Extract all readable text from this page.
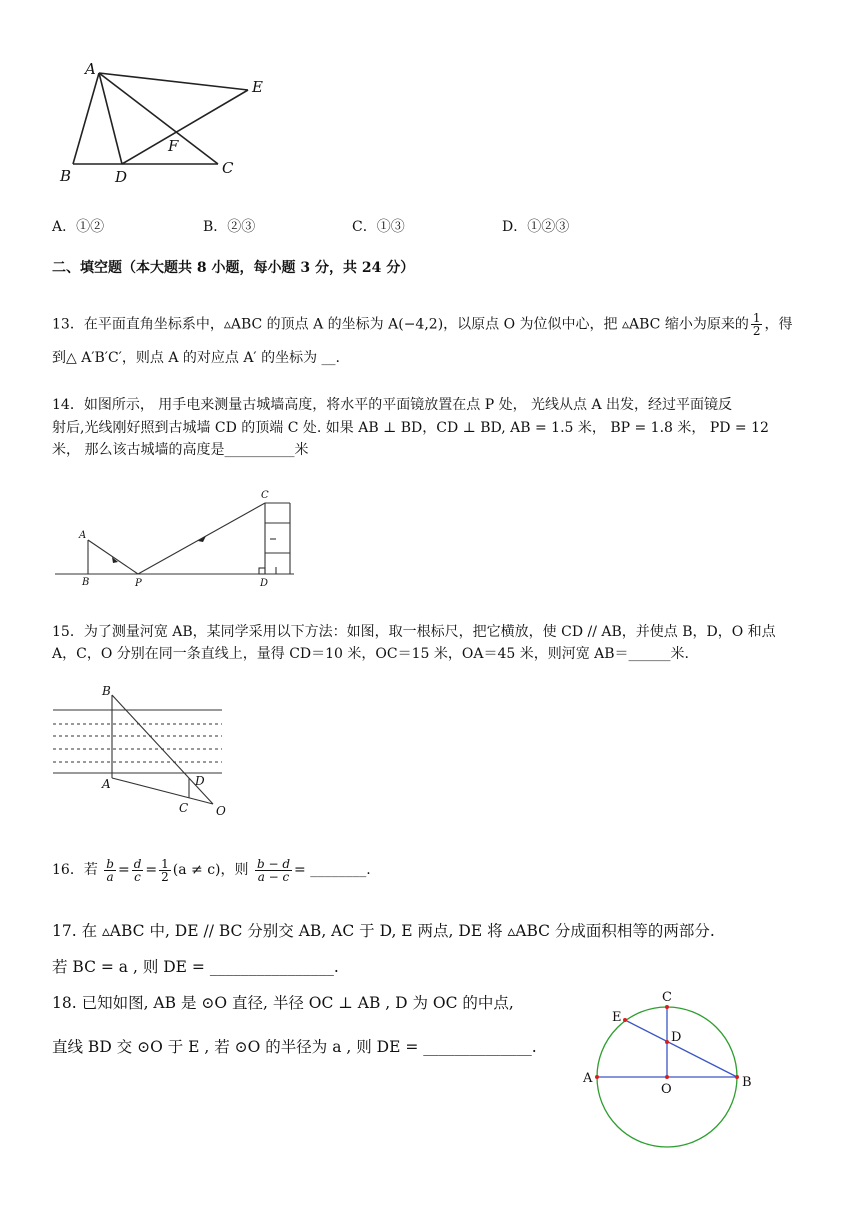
A
E
F
B	D	C
A．①②	B．②③	C．①③	D．①②③
二、填空题（本大题共 8 小题，每小题 3 分，共 24 分）
13．在平面直角坐标系中，▵ABC 的顶点 A 的坐标为 A(−4,2)，以原点 O 为位似中心，把 ▵ABC 缩小为原来的 $\frac{1}{2}$ ，得
到△ A′B′C′，则点 A 的对应点 A′ 的坐标为 __.
14．如图所示， 用手电来测量古城墙高度，将水平的平面镜放置在点 P 处， 光线从点 A 出发，经过平面镜反
射后,光线刚好照到古城墙 CD 的顶端 C 处. 如果 AB ⊥ BD，CD ⊥ BD, AB = 1.5 米， BP = 1.8 米， PD = 12
米， 那么该古城墙的高度是__________米
C
A
B	P	D
15．为了测量河宽 AB，某同学采用以下方法：如图，取一根标尺，把它横放，使 CD // AB，并使点 B，D，O 和点
A，C，O 分别在同一条直线上，量得 CD＝10 米，OC＝15 米，OA＝45 米，则河宽 AB＝______米.
B
A	D
C O
16．若 $\frac{b}{a} = \frac{d}{c} = \frac{1}{2} (a \ne c)$，则 $\frac{b - d}{a - c}$ = ________.
17. 在 ▵ABC 中, DE // BC 分别交 AB, AC 于 D, E 两点, DE 将 ▵ABC 分成面积相等的两部分.
若 BC = a , 则 DE = ________________.
18. 已知如图, AB 是 ⊙O 直径, 半径 OC ⊥ AB , D 为 OC 的中点,
直线 BD 交 ⊙O 于 E , 若 ⊙O 的半径为 a , 则 DE = ______________.
C
E
D
A
O	B
